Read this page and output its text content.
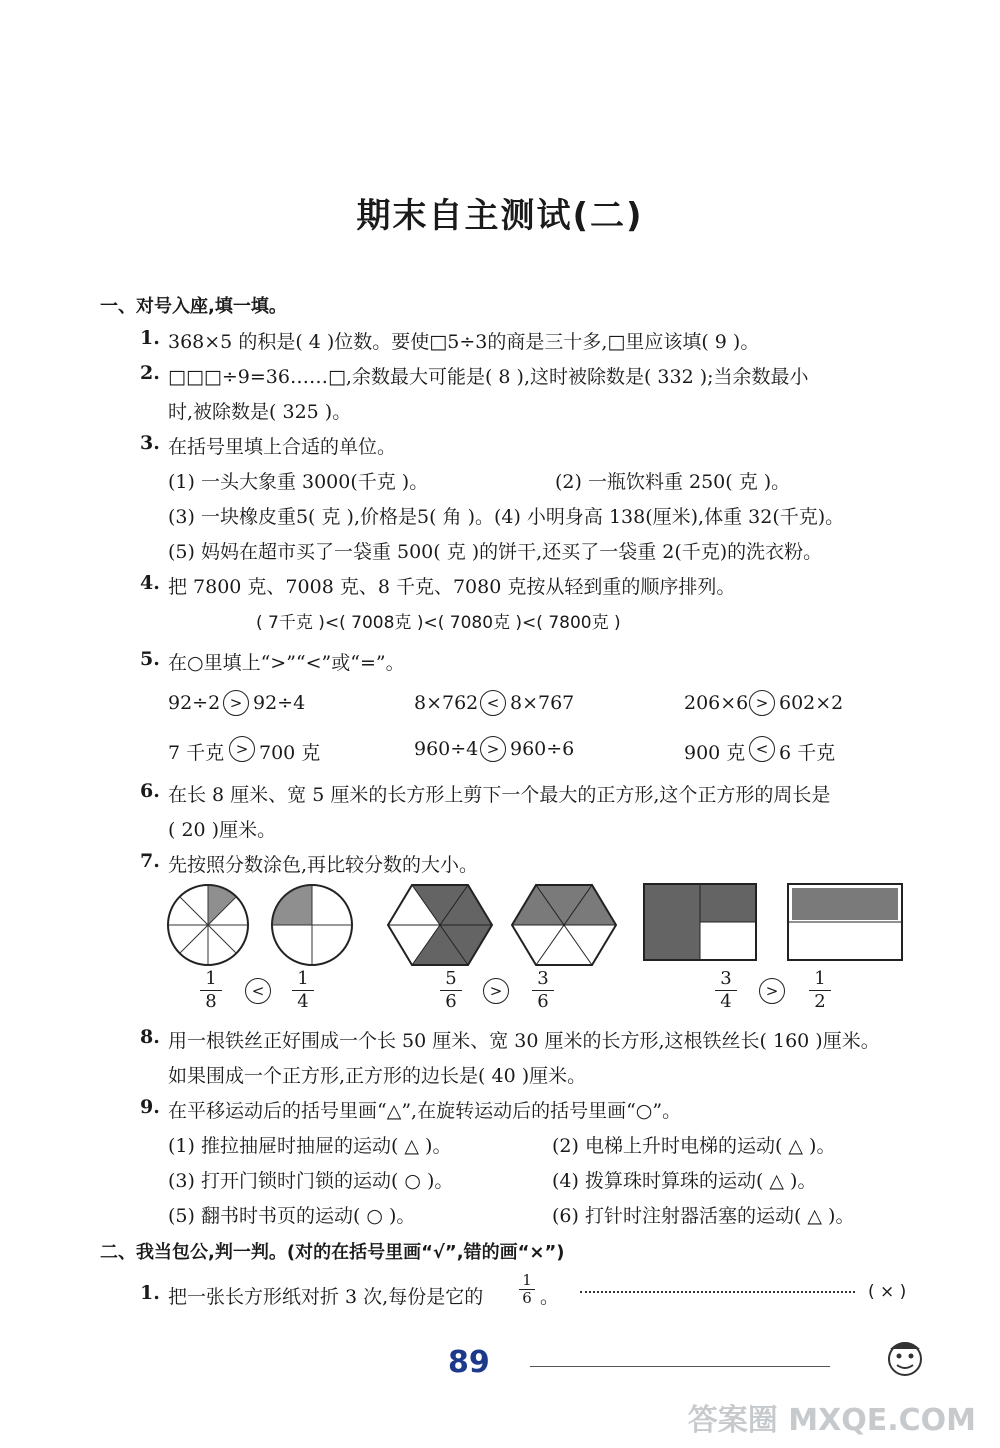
期末自主测试(二)
一、对号入座,填一填。
1. 368×5 的积是( 4 )位数。要使□5÷3的商是三十多,□里应该填( 9 )。
2. □□□÷9=36……□,余数最大可能是( 8 ),这时被除数是( 332 );当余数最小
时,被除数是( 325 )。
3. 在括号里填上合适的单位。
(1) 一头大象重 3000(千克 )。	(2) 一瓶饮料重 250( 克 )。
(3) 一块橡皮重5( 克 ),价格是5( 角 )。(4) 小明身高 138(厘米),体重 32(千克)。
(5) 妈妈在超市买了一袋重 500( 克 )的饼干,还买了一袋重 2(千克)的洗衣粉。
4. 把 7800 克、7008 克、8 千克、7080 克按从轻到重的顺序排列。
( 7千克 )<( 7008克 )<( 7080克 )<( 7800克 )
5. 在○里填上“>”“<”或“=”。
92÷2 > 92÷4	8×762 < 8×767	206×6 > 602×2
7 千克 > 700 克	960÷4 > 960÷6	900 克 < 6 千克
6. 在长 8 厘米、宽 5 厘米的长方形上剪下一个最大的正方形,这个正方形的周长是
( 20 )厘米。
7. 先按照分数涂色,再比较分数的大小。
1
8	<
1
4
5
6	>
3
6
3
4	>
1
2
8. 用一根铁丝正好围成一个长 50 厘米、宽 30 厘米的长方形,这根铁丝长( 160 )厘米。
如果围成一个正方形,正方形的边长是( 40 )厘米。
9. 在平移运动后的括号里画“△”,在旋转运动后的括号里画“○”。
(1) 推拉抽屉时抽屉的运动( △ )。	(2) 电梯上升时电梯的运动( △ )。
(3) 打开门锁时门锁的运动( ○ )。	(4) 拨算珠时算珠的运动( △ )。
(5) 翻书时书页的运动( ○ )。	(6) 打针时注射器活塞的运动( △ )。
二、我当包公,判一判。(对的在括号里画“√”,错的画“×”)
1. 把一张长方形纸对折 3 次,每份是它的
1
6 。	( × )
89
答案圈 MXQE.COM
